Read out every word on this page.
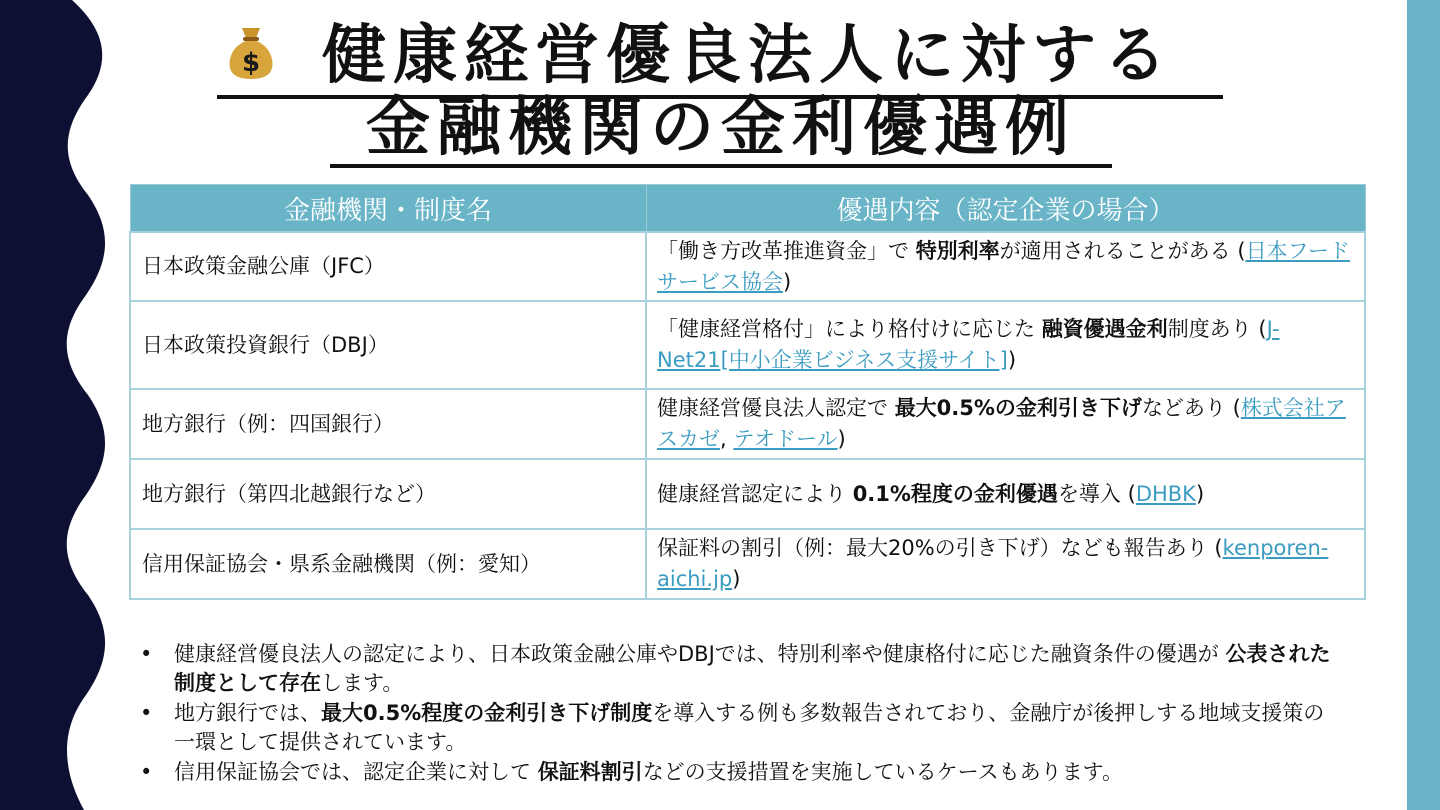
健康経営優良法人に対する
金融機関の金利優遇例
$
金融機関・制度名	優遇内容（認定企業の場合）
日本政策金融公庫（JFC）	「働き方改革推進資金」で 特別利率が適用されることがある (日本フードサービス協会)
日本政策投資銀行（DBJ）	「健康経営格付」により格付けに応じた 融資優遇金利制度あり (J-Net21[中小企業ビジネス支援サイト])
地方銀行（例：四国銀行）	健康経営優良法人認定で 最大0.5%の金利引き下げなどあり (株式会社アスカゼ, テオドール)
地方銀行（第四北越銀行など）	健康経営認定により 0.1%程度の金利優遇を導入 (DHBK)
信用保証協会・県系金融機関（例：愛知）	保証料の割引（例：最大20%の引き下げ）なども報告あり (kenporen-aichi.jp)
• 健康経営優良法人の認定により、日本政策金融公庫やDBJでは、特別利率や健康格付に応じた融資条件の優遇が 公表された制度として存在します。
• 地方銀行では、最大0.5%程度の金利引き下げ制度を導入する例も多数報告されており、金融庁が後押しする地域支援策の一環として提供されています。
• 信用保証協会では、認定企業に対して 保証料割引などの支援措置を実施しているケースもあります。
